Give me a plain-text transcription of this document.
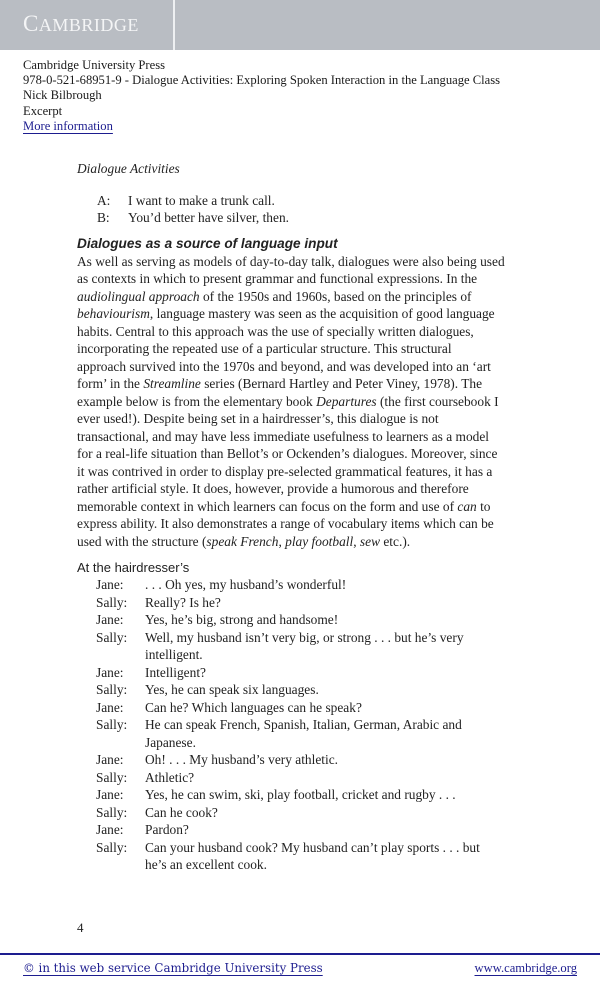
CAMBRIDGE
Cambridge University Press
978-0-521-68951-9 - Dialogue Activities: Exploring Spoken Interaction in the Language Class
Nick Bilbrough
Excerpt
More information
Dialogue Activities
A:	I want to make a trunk call.
B:	You’d better have silver, then.
Dialogues as a source of language input

As well as serving as models of day-to-day talk, dialogues were also being used

as contexts in which to present grammar and functional expressions. In the

audiolingual approach of the 1950s and 1960s, based on the principles of

behaviourism, language mastery was seen as the acquisition of good language

habits. Central to this approach was the use of specially written dialogues,

incorporating the repeated use of a particular structure. This structural

approach survived into the 1970s and beyond, and was developed into an ‘art

form’ in the Streamline series (Bernard Hartley and Peter Viney, 1978). The

example below is from the elementary book Departures (the first coursebook I

ever used!). Despite being set in a hairdresser’s, this dialogue is not

transactional, and may have less immediate usefulness to learners as a model

for a real-life situation than Bellot’s or Ockenden’s dialogues. Moreover, since

it was contrived in order to display pre-selected grammatical features, it has a

rather artificial style. It does, however, provide a humorous and therefore

memorable context in which learners can focus on the form and use of can to

express ability. It also demonstrates a range of vocabulary items which can be

used with the structure (speak French, play football, sew etc.).

At the hairdresser’s
Jane:	. . . Oh yes, my husband’s wonderful!
Sally:	Really? Is he?
Jane:	Yes, he’s big, strong and handsome!
Sally:	Well, my husband isn’t very big, or strong . . . but he’s very
intelligent.
Jane:	Intelligent?
Sally:	Yes, he can speak six languages.
Jane:	Can he? Which languages can he speak?
Sally:	He can speak French, Spanish, Italian, German, Arabic and
Japanese.
Jane:	Oh! . . . My husband’s very athletic.
Sally:	Athletic?
Jane:	Yes, he can swim, ski, play football, cricket and rugby . . .
Sally:	Can he cook?
Jane:	Pardon?
Sally:	Can your husband cook? My husband can’t play sports . . . but
he’s an excellent cook.
4
© in this web service Cambridge University Press	www.cambridge.org
